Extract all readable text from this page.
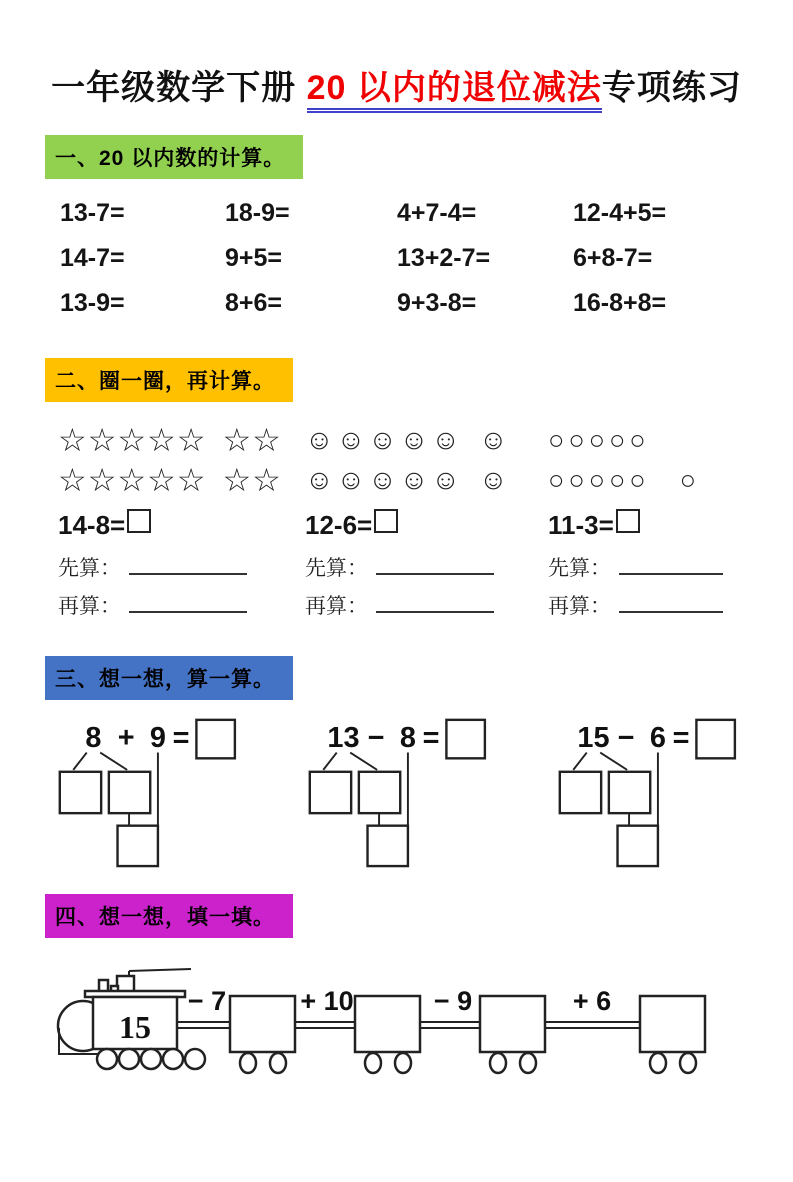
一年级数学下册 20 以内的退位减法专项练习
一、20 以内数的计算。
13-7=	18-9=	4+7-4=	12-4+5=
14-7=	9+5=	13+2-7=	6+8-7=
13-9=	8+6=	9+3-8=	16-8+8=
二、圈一圈，再计算。
☆☆☆☆☆ ☆☆
☆☆☆☆☆ ☆☆
14-8=
先算：
再算：
☺☺☺☺☺ ☺
☺☺☺☺☺ ☺
12-6=
先算：
再算：
○○○○○
○○○○○ ○
11-3=
先算：
再算：
三、想一想，算一算。
8 + 9 =	13 − 8 =	15 − 6 =
四、想一想，填一填。
15
− 7	+ 10	− 9	+ 6
